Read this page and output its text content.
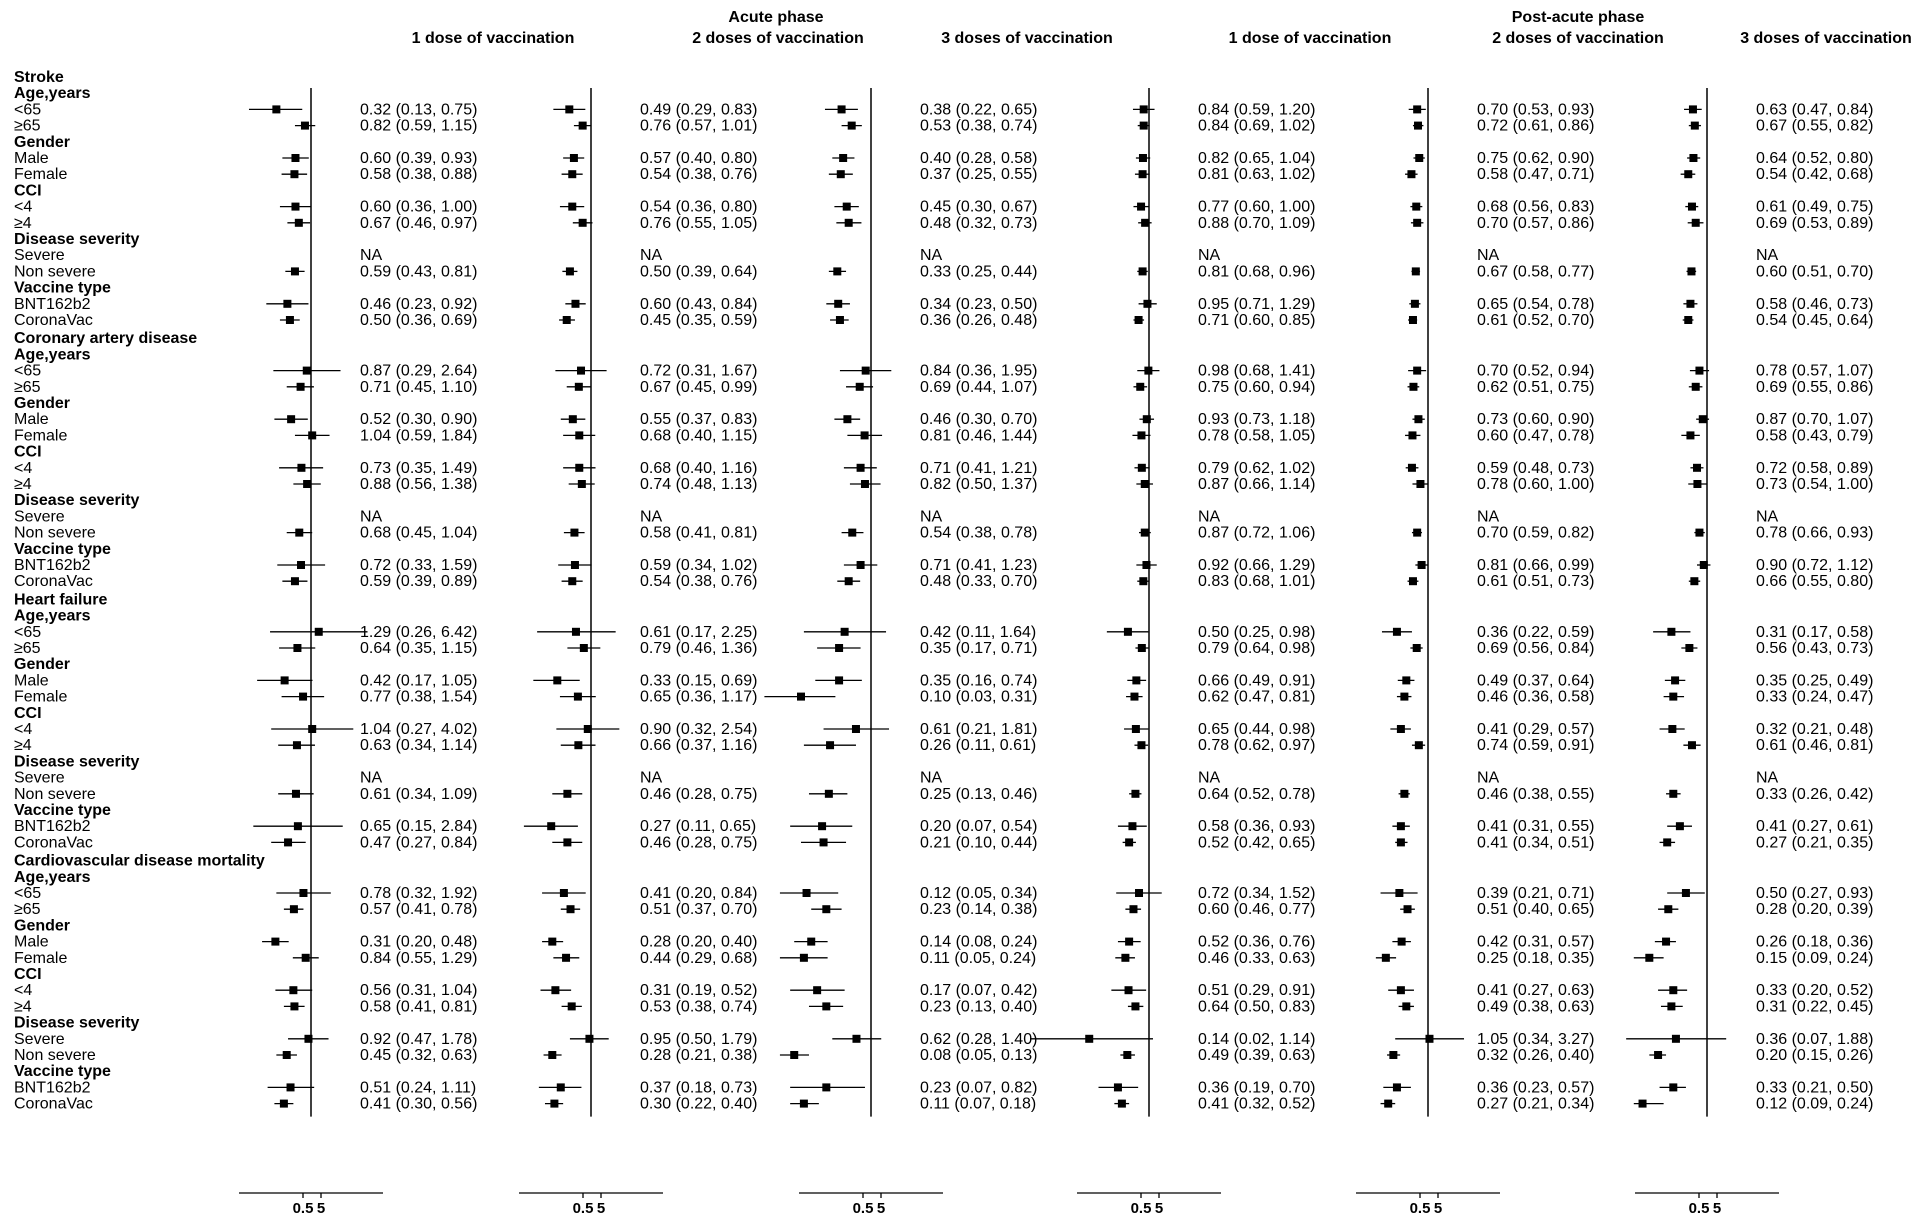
Acute phase	Post-acute phase
1 dose of vaccination	2 doses of vaccination	3 doses of vaccination	1 dose of vaccination	2 doses of vaccination	3 doses of vaccination
Stroke
Age,years
<65	0.32 (0.13, 0.75)	0.49 (0.29, 0.83)	0.38 (0.22, 0.65)	0.84 (0.59, 1.20)	0.70 (0.53, 0.93)	0.63 (0.47, 0.84)
≥65	0.82 (0.59, 1.15)	0.76 (0.57, 1.01)	0.53 (0.38, 0.74)	0.84 (0.69, 1.02)	0.72 (0.61, 0.86)	0.67 (0.55, 0.82)
Gender
Male	0.60 (0.39, 0.93)	0.57 (0.40, 0.80)	0.40 (0.28, 0.58)	0.82 (0.65, 1.04)	0.75 (0.62, 0.90)	0.64 (0.52, 0.80)
Female	0.58 (0.38, 0.88)	0.54 (0.38, 0.76)	0.37 (0.25, 0.55)	0.81 (0.63, 1.02)	0.58 (0.47, 0.71)	0.54 (0.42, 0.68)
CCI
<4	0.60 (0.36, 1.00)	0.54 (0.36, 0.80)	0.45 (0.30, 0.67)	0.77 (0.60, 1.00)	0.68 (0.56, 0.83)	0.61 (0.49, 0.75)
≥4	0.67 (0.46, 0.97)	0.76 (0.55, 1.05)	0.48 (0.32, 0.73)	0.88 (0.70, 1.09)	0.70 (0.57, 0.86)	0.69 (0.53, 0.89)
Disease severity
Severe	NA	NA	NA	NA	NA	NA
Non severe	0.59 (0.43, 0.81)	0.50 (0.39, 0.64)	0.33 (0.25, 0.44)	0.81 (0.68, 0.96)	0.67 (0.58, 0.77)	0.60 (0.51, 0.70)
Vaccine type
BNT162b2	0.46 (0.23, 0.92)	0.60 (0.43, 0.84)	0.34 (0.23, 0.50)	0.95 (0.71, 1.29)	0.65 (0.54, 0.78)	0.58 (0.46, 0.73)
CoronaVac	0.50 (0.36, 0.69)	0.45 (0.35, 0.59)	0.36 (0.26, 0.48)	0.71 (0.60, 0.85)	0.61 (0.52, 0.70)	0.54 (0.45, 0.64)
Coronary artery disease
Age,years
<65	0.87 (0.29, 2.64)	0.72 (0.31, 1.67)	0.84 (0.36, 1.95)	0.98 (0.68, 1.41)	0.70 (0.52, 0.94)	0.78 (0.57, 1.07)
≥65	0.71 (0.45, 1.10)	0.67 (0.45, 0.99)	0.69 (0.44, 1.07)	0.75 (0.60, 0.94)	0.62 (0.51, 0.75)	0.69 (0.55, 0.86)
Gender
Male	0.52 (0.30, 0.90)	0.55 (0.37, 0.83)	0.46 (0.30, 0.70)	0.93 (0.73, 1.18)	0.73 (0.60, 0.90)	0.87 (0.70, 1.07)
Female	1.04 (0.59, 1.84)	0.68 (0.40, 1.15)	0.81 (0.46, 1.44)	0.78 (0.58, 1.05)	0.60 (0.47, 0.78)	0.58 (0.43, 0.79)
CCI
<4	0.73 (0.35, 1.49)	0.68 (0.40, 1.16)	0.71 (0.41, 1.21)	0.79 (0.62, 1.02)	0.59 (0.48, 0.73)	0.72 (0.58, 0.89)
≥4	0.88 (0.56, 1.38)	0.74 (0.48, 1.13)	0.82 (0.50, 1.37)	0.87 (0.66, 1.14)	0.78 (0.60, 1.00)	0.73 (0.54, 1.00)
Disease severity
Severe	NA	NA	NA	NA	NA	NA
Non severe	0.68 (0.45, 1.04)	0.58 (0.41, 0.81)	0.54 (0.38, 0.78)	0.87 (0.72, 1.06)	0.70 (0.59, 0.82)	0.78 (0.66, 0.93)
Vaccine type
BNT162b2	0.72 (0.33, 1.59)	0.59 (0.34, 1.02)	0.71 (0.41, 1.23)	0.92 (0.66, 1.29)	0.81 (0.66, 0.99)	0.90 (0.72, 1.12)
CoronaVac	0.59 (0.39, 0.89)	0.54 (0.38, 0.76)	0.48 (0.33, 0.70)	0.83 (0.68, 1.01)	0.61 (0.51, 0.73)	0.66 (0.55, 0.80)
Heart failure
Age,years
<65	1.29 (0.26, 6.42)	0.61 (0.17, 2.25)	0.42 (0.11, 1.64)	0.50 (0.25, 0.98)	0.36 (0.22, 0.59)	0.31 (0.17, 0.58)
≥65	0.64 (0.35, 1.15)	0.79 (0.46, 1.36)	0.35 (0.17, 0.71)	0.79 (0.64, 0.98)	0.69 (0.56, 0.84)	0.56 (0.43, 0.73)
Gender
Male	0.42 (0.17, 1.05)	0.33 (0.15, 0.69)	0.35 (0.16, 0.74)	0.66 (0.49, 0.91)	0.49 (0.37, 0.64)	0.35 (0.25, 0.49)
Female	0.77 (0.38, 1.54)	0.65 (0.36, 1.17)	0.10 (0.03, 0.31)	0.62 (0.47, 0.81)	0.46 (0.36, 0.58)	0.33 (0.24, 0.47)
CCI
<4	1.04 (0.27, 4.02)	0.90 (0.32, 2.54)	0.61 (0.21, 1.81)	0.65 (0.44, 0.98)	0.41 (0.29, 0.57)	0.32 (0.21, 0.48)
≥4	0.63 (0.34, 1.14)	0.66 (0.37, 1.16)	0.26 (0.11, 0.61)	0.78 (0.62, 0.97)	0.74 (0.59, 0.91)	0.61 (0.46, 0.81)
Disease severity
Severe	NA	NA	NA	NA	NA	NA
Non severe	0.61 (0.34, 1.09)	0.46 (0.28, 0.75)	0.25 (0.13, 0.46)	0.64 (0.52, 0.78)	0.46 (0.38, 0.55)	0.33 (0.26, 0.42)
Vaccine type
BNT162b2	0.65 (0.15, 2.84)	0.27 (0.11, 0.65)	0.20 (0.07, 0.54)	0.58 (0.36, 0.93)	0.41 (0.31, 0.55)	0.41 (0.27, 0.61)
CoronaVac	0.47 (0.27, 0.84)	0.46 (0.28, 0.75)	0.21 (0.10, 0.44)	0.52 (0.42, 0.65)	0.41 (0.34, 0.51)	0.27 (0.21, 0.35)
Cardiovascular disease mortality
Age,years
<65	0.78 (0.32, 1.92)	0.41 (0.20, 0.84)	0.12 (0.05, 0.34)	0.72 (0.34, 1.52)	0.39 (0.21, 0.71)	0.50 (0.27, 0.93)
≥65	0.57 (0.41, 0.78)	0.51 (0.37, 0.70)	0.23 (0.14, 0.38)	0.60 (0.46, 0.77)	0.51 (0.40, 0.65)	0.28 (0.20, 0.39)
Gender
Male	0.31 (0.20, 0.48)	0.28 (0.20, 0.40)	0.14 (0.08, 0.24)	0.52 (0.36, 0.76)	0.42 (0.31, 0.57)	0.26 (0.18, 0.36)
Female	0.84 (0.55, 1.29)	0.44 (0.29, 0.68)	0.11 (0.05, 0.24)	0.46 (0.33, 0.63)	0.25 (0.18, 0.35)	0.15 (0.09, 0.24)
CCI
<4	0.56 (0.31, 1.04)	0.31 (0.19, 0.52)	0.17 (0.07, 0.42)	0.51 (0.29, 0.91)	0.41 (0.27, 0.63)	0.33 (0.20, 0.52)
≥4	0.58 (0.41, 0.81)	0.53 (0.38, 0.74)	0.23 (0.13, 0.40)	0.64 (0.50, 0.83)	0.49 (0.38, 0.63)	0.31 (0.22, 0.45)
Disease severity
Severe	0.92 (0.47, 1.78)	0.95 (0.50, 1.79)	0.62 (0.28, 1.40)	0.14 (0.02, 1.14)	1.05 (0.34, 3.27)	0.36 (0.07, 1.88)
Non severe	0.45 (0.32, 0.63)	0.28 (0.21, 0.38)	0.08 (0.05, 0.13)	0.49 (0.39, 0.63)	0.32 (0.26, 0.40)	0.20 (0.15, 0.26)
Vaccine type
BNT162b2	0.51 (0.24, 1.11)	0.37 (0.18, 0.73)	0.23 (0.07, 0.82)	0.36 (0.19, 0.70)	0.36 (0.23, 0.57)	0.33 (0.21, 0.50)
CoronaVac	0.41 (0.30, 0.56)	0.30 (0.22, 0.40)	0.11 (0.07, 0.18)	0.41 (0.32, 0.52)	0.27 (0.21, 0.34)	0.12 (0.09, 0.24)
0.5 5	0.5 5	0.5 5	0.5 5	0.5 5	0.5 5
